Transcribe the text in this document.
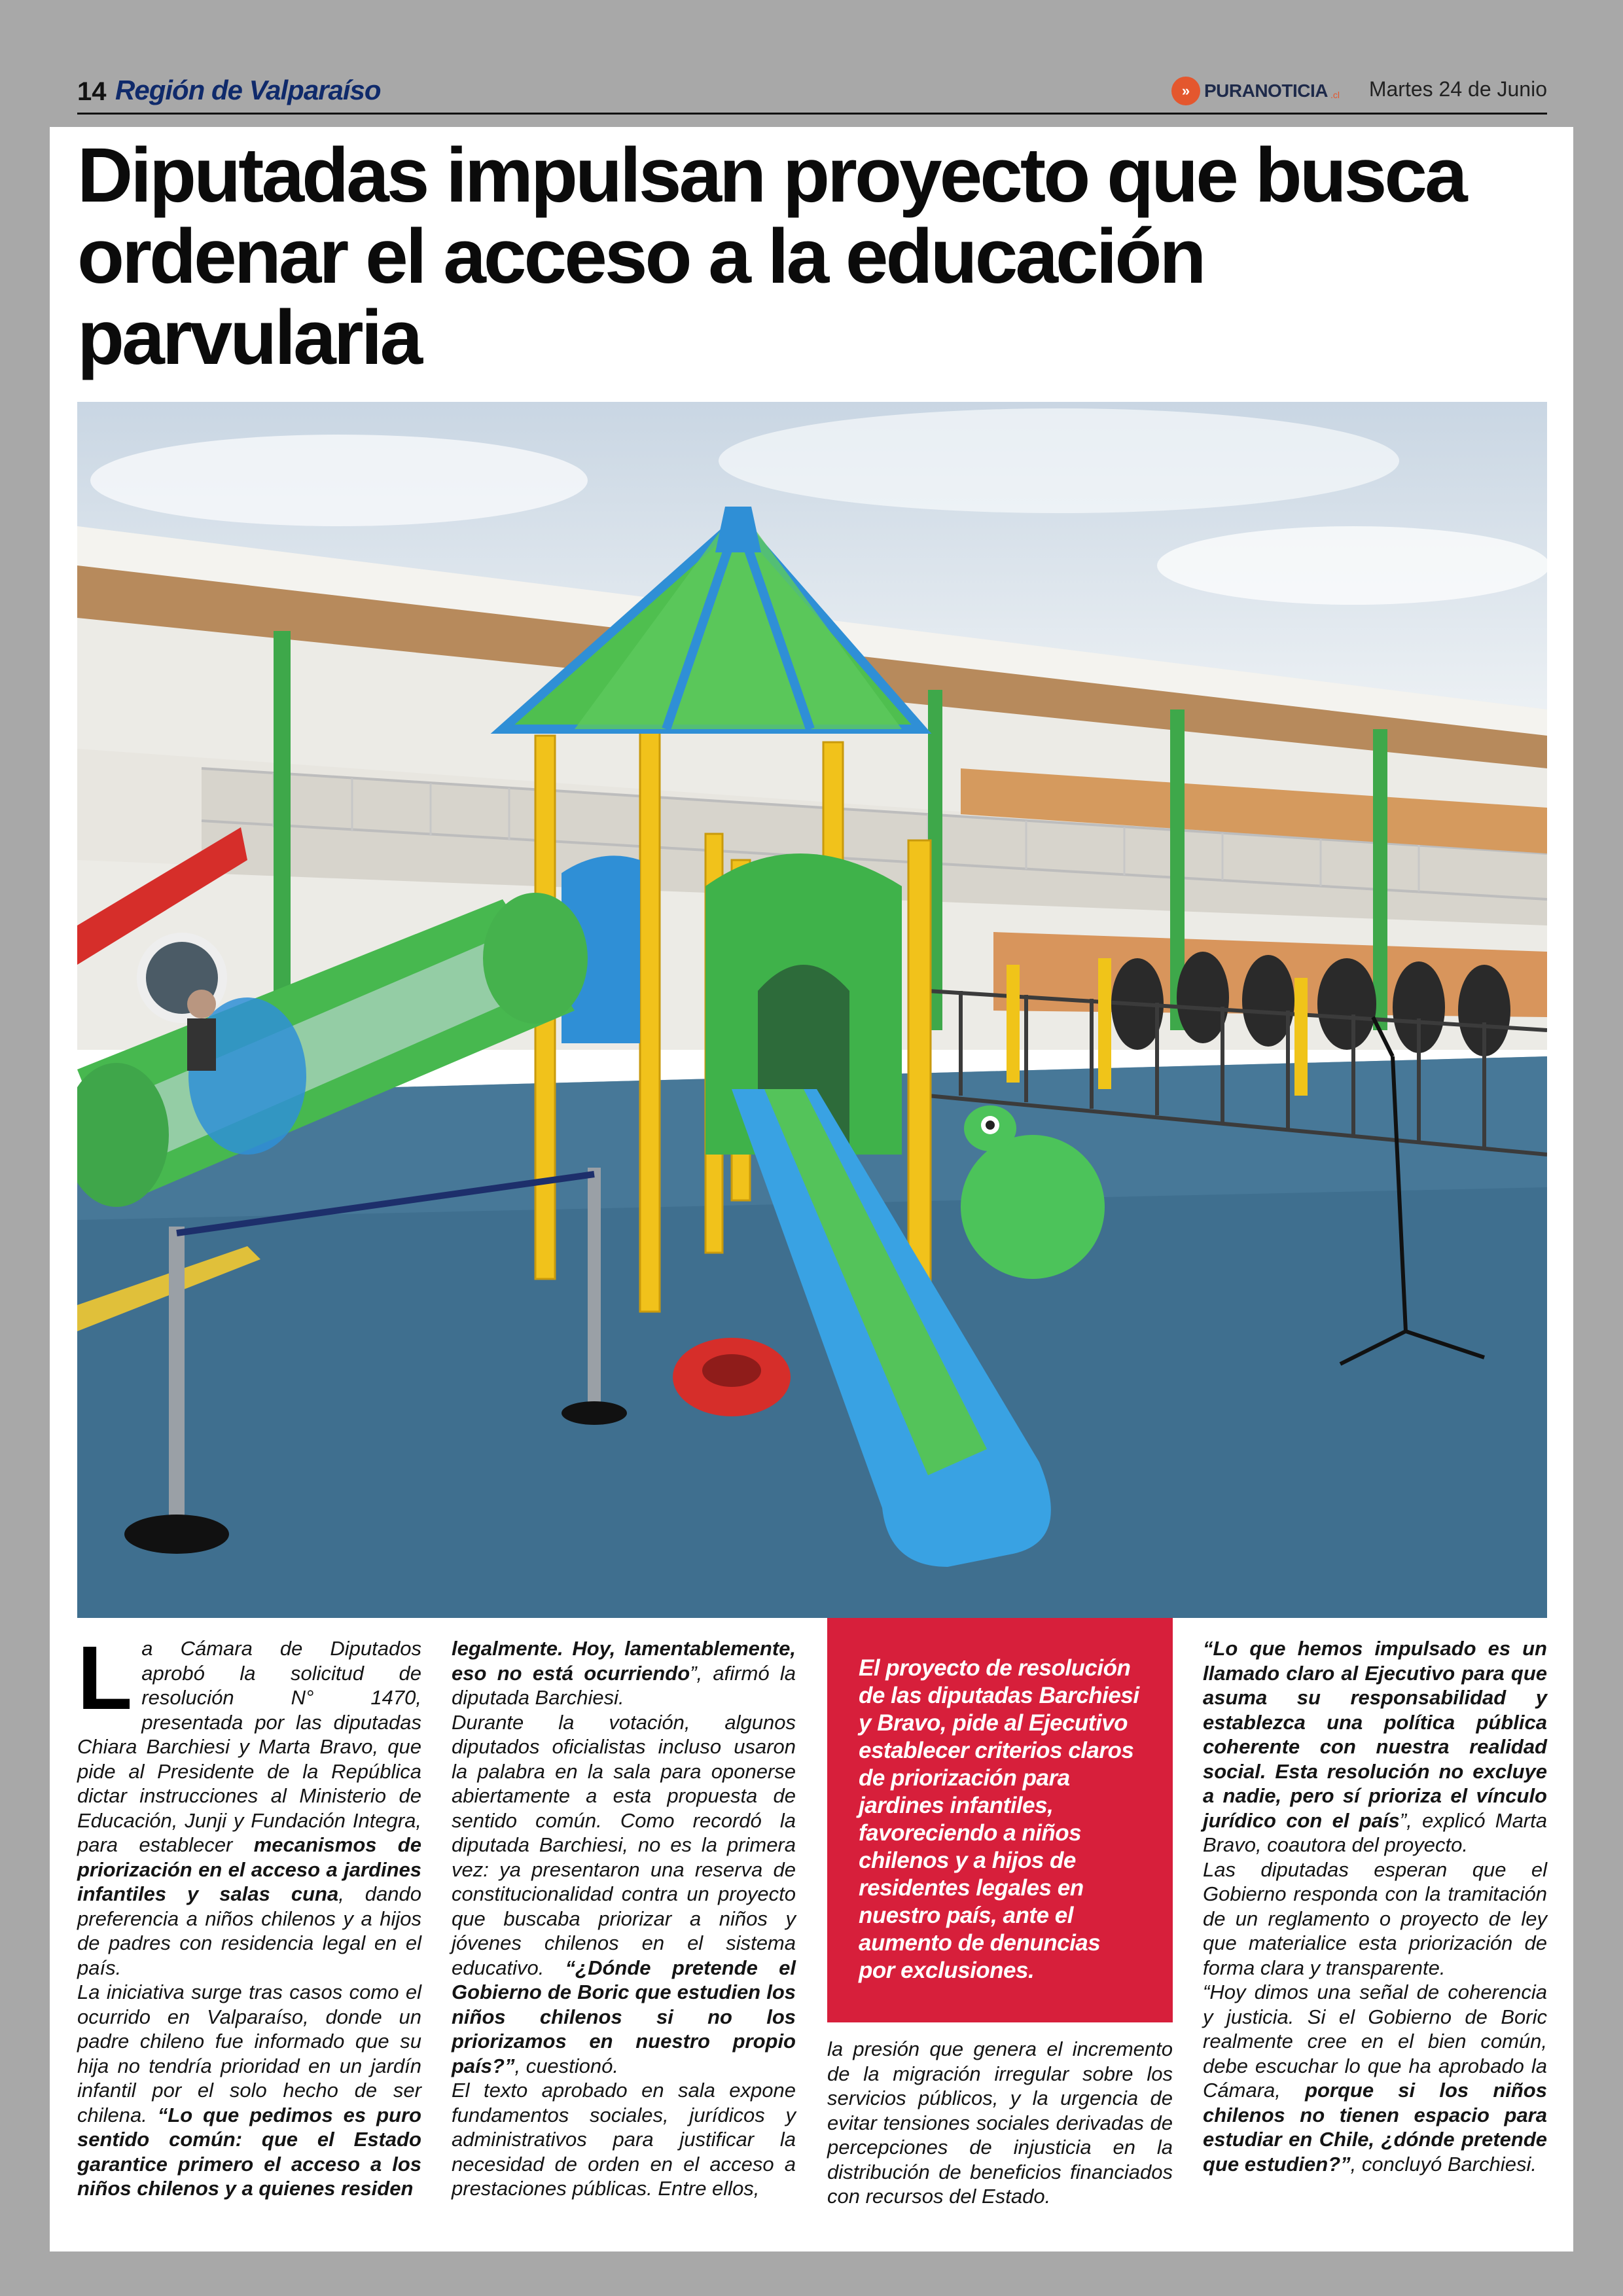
14 Región de Valparaíso	» PURANOTICIA .cl Martes 24 de Junio
Diputadas impulsan proyecto que busca ordenar el acceso a la educación parvularia

La Cámara de Diputados aprobó la solicitud de resolución N° 1470, presentada por las diputadas Chiara Barchiesi y Marta Bravo, que pide al Presidente de la República dictar instrucciones al Ministerio de Educación, Junji y Fundación Integra, para establecer mecanismos de priorización en el acceso a jardines infantiles y salas cuna, dando preferencia a niños chilenos y a hijos de padres con residencia legal en el país.

La iniciativa surge tras casos como el ocurrido en Valparaíso, donde un padre chileno fue informado que su hija no tendría prioridad en un jardín infantil por el solo hecho de ser chilena. “Lo que pedimos es puro sentido común: que el Estado garantice primero el acceso a los niños chilenos y a quienes residen

legalmente. Hoy, lamentablemente, eso no está ocurriendo”, afirmó la diputada Barchiesi.

Durante la votación, algunos diputados oficialistas incluso usaron la palabra en la sala para oponerse abiertamente a esta propuesta de sentido común. Como recordó la diputada Barchiesi, no es la primera vez: ya presentaron una reserva de constitucionalidad contra un proyecto que buscaba priorizar a niños y jóvenes chilenos en el sistema educativo. “¿Dónde pretende el Gobierno de Boric que estudien los niños chilenos si no los priorizamos en nuestro propio país?”, cuestionó.

El texto aprobado en sala expone fundamentos sociales, jurídicos y administrativos para justificar la necesidad de orden en el acceso a prestaciones públicas. Entre ellos,

El proyecto de resolución de las diputadas Barchiesi y Bravo, pide al Ejecutivo establecer criterios claros de priorización para jardines infantiles, favoreciendo a niños chilenos y a hijos de residentes legales en nuestro país, ante el aumento de denuncias por exclusiones.

la presión que genera el incremento de la migración irregular sobre los servicios públicos, y la urgencia de evitar tensiones sociales derivadas de percepciones de injusticia en la distribución de beneficios financiados con recursos del Estado.

“Lo que hemos impulsado es un llamado claro al Ejecutivo para que asuma su responsabilidad y establezca una política pública coherente con nuestra realidad social. Esta resolución no excluye a nadie, pero sí prioriza el vínculo jurídico con el país”, explicó Marta Bravo, coautora del proyecto.

Las diputadas esperan que el Gobierno responda con la tramitación de un reglamento o proyecto de ley que materialice esta priorización de forma clara y transparente.

“Hoy dimos una señal de coherencia y justicia. Si el Gobierno de Boric realmente cree en el bien común, debe escuchar lo que ha aprobado la Cámara, porque si los niños chilenos no tienen espacio para estudiar en Chile, ¿dónde pretende que estudien?”, concluyó Barchiesi.
